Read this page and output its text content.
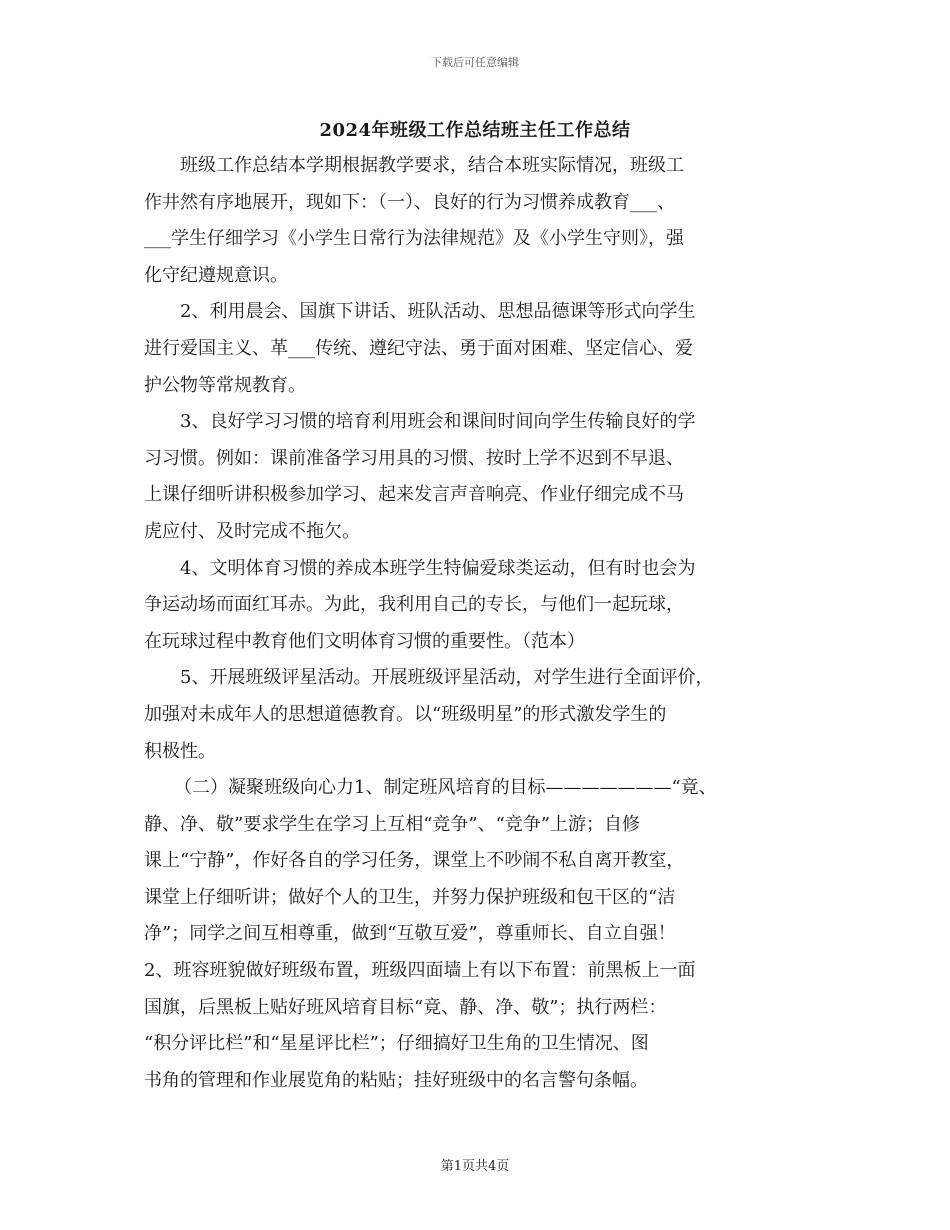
下载后可任意编辑
2024年班级工作总结班主任工作总结
班级工作总结本学期根据教学要求，结合本班实际情况，班级工
作井然有序地展开，现如下：（一）、良好的行为习惯养成教育___、
___学生仔细学习《小学生日常行为法律规范》及《小学生守则》，强
化守纪遵规意识。
2、利用晨会、国旗下讲话、班队活动、思想品德课等形式向学生
进行爱国主义、革___传统、遵纪守法、勇于面对困难、坚定信心、爱
护公物等常规教育。
3、良好学习习惯的培育利用班会和课间时间向学生传输良好的学
习习惯。例如：课前准备学习用具的习惯、按时上学不迟到不早退、
上课仔细听讲积极参加学习、起来发言声音响亮、作业仔细完成不马
虎应付、及时完成不拖欠。
4、文明体育习惯的养成本班学生特偏爱球类运动，但有时也会为
争运动场而面红耳赤。为此，我利用自己的专长，与他们一起玩球，
在玩球过程中教育他们文明体育习惯的重要性。（范本）
5、开展班级评星活动。开展班级评星活动，对学生进行全面评价，
加强对未成年人的思想道德教育。以“班级明星”的形式激发学生的
积极性。
（二）凝聚班级向心力1、制定班风培育的目标———————“竟、
静、净、敬”要求学生在学习上互相“竞争”、“竞争”上游；自修
课上“宁静”，作好各自的学习任务，课堂上不吵闹不私自离开教室，
课堂上仔细听讲；做好个人的卫生，并努力保护班级和包干区的“洁
净”；同学之间互相尊重，做到“互敬互爱”，尊重师长、自立自强！
2、班容班貌做好班级布置，班级四面墙上有以下布置：前黑板上一面
国旗，后黑板上贴好班风培育目标“竟、静、净、敬”；执行两栏：
“积分评比栏”和“星星评比栏”；仔细搞好卫生角的卫生情况、图
书角的管理和作业展览角的粘贴；挂好班级中的名言警句条幅。
第1页共4页
